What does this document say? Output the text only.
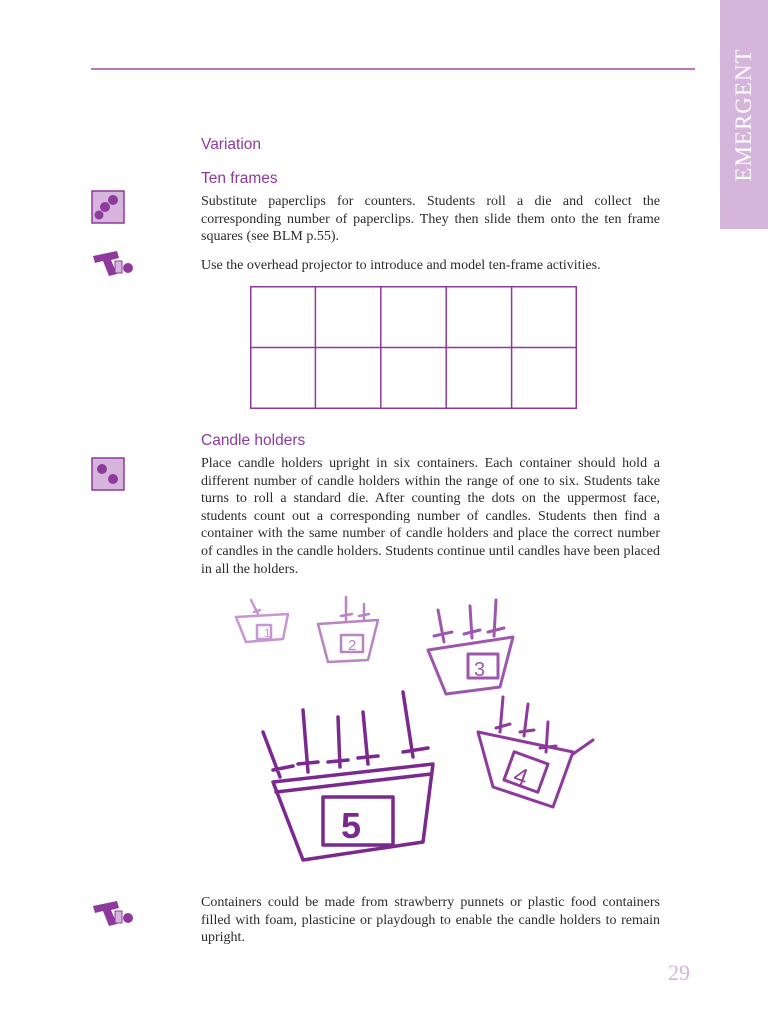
EMERGENT
Variation
Ten frames
Substitute paperclips for counters. Students roll a die and collect the corresponding number of paperclips. They then slide them onto the ten frame squares (see BLM p.55).
Use the overhead projector to introduce and model ten-frame activities.
Candle holders
Place candle holders upright in six containers. Each container should hold a different number of candle holders within the range of one to six. Students take turns to roll a standard die. After counting the dots on the uppermost face, students count out a corresponding number of candles. Students then find a container with the same number of candle holders and place the correct number of candles in the candle holders. Students continue until candles have been placed in all the holders.
1
2
3
4
5
Containers could be made from strawberry punnets or plastic food containers filled with foam, plasticine or playdough to enable the candle holders to remain upright.
29
